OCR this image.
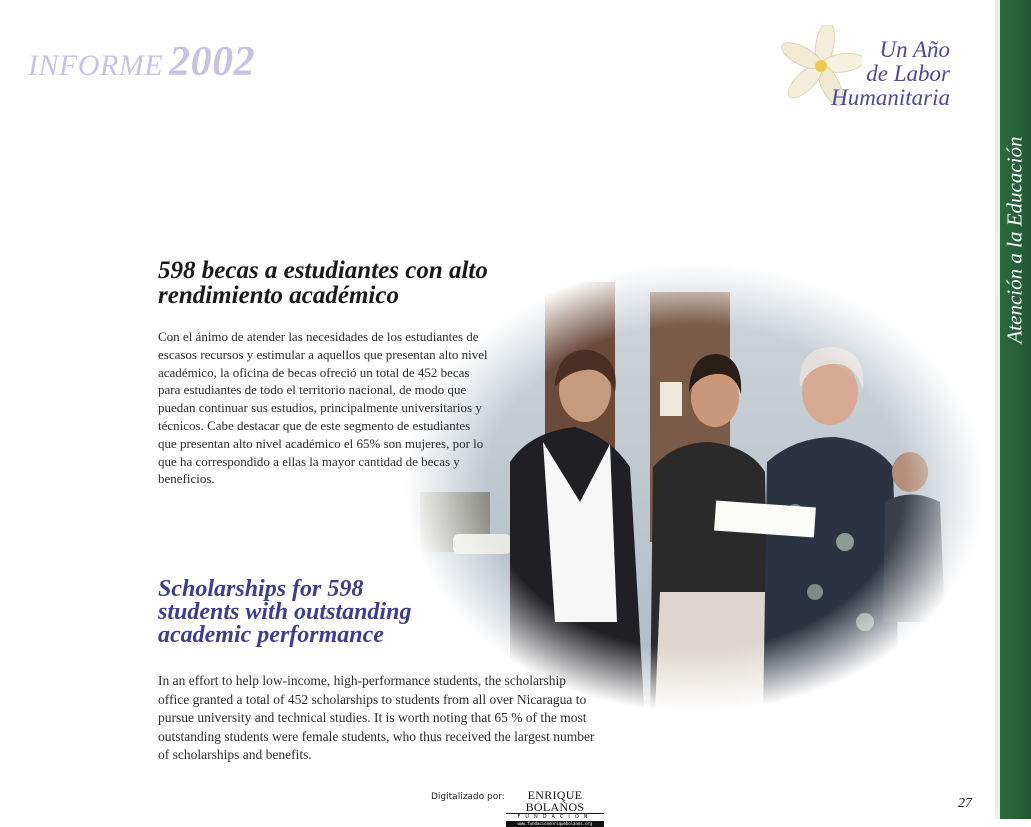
INFORME 2002	Un Año
de Labor
Humanitaria
Atención a la Educación
598 becas a estudiantes con alto rendimiento académico
Con el ánimo de atender las necesidades de los estudiantes de escasos recursos y estimular a aquellos que presentan alto nivel académico, la oficina de becas ofreció un total de 452 becas para estudiantes de todo el territorio nacional, de modo que puedan continuar sus estudios, principalmente universitarios y técnicos. Cabe destacar que de este segmento de estudiantes que presentan alto nivel académico el 65% son mujeres, por lo que ha correspondido a ellas la mayor cantidad de becas y beneficios.
Scholarships for 598 students with outstanding academic performance
In an effort to help low-income, high-performance students, the scholarship office granted a total of 452 scholarships to students from all over Nicaragua to pursue university and technical studies. It is worth noting that 65 % of the most outstanding students were female students, who thus received the largest number of scholarships and benefits.
Digitalizado por:	ENRIQUE BOLAÑOS
FUNDACIÓN
www.fundacionenriquebolanos.org
27
